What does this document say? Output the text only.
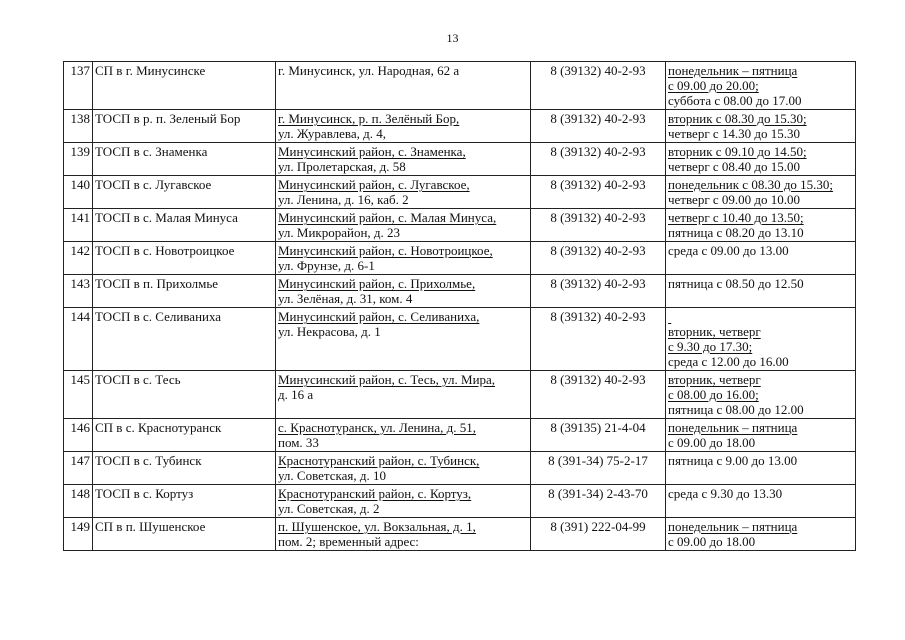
13
137	СП в г. Минусинске	г. Минусинск, ул. Народная, 62 а	8 (39132) 40-2-93	понедельник – пятница
с 09.00 до 20.00;
суббота с 08.00 до 17.00

138	ТОСП в р. п. Зеленый Бор	г. Минусинск, р. п. Зелёный Бор,
ул. Журавлева, д. 4,	8 (39132) 40-2-93	вторник с 08.30 до 15.30;
четверг с 14.30 до 15.30

139	ТОСП в с. Знаменка	Минусинский район, с. Знаменка,
ул. Пролетарская, д. 58	8 (39132) 40-2-93	вторник с 09.10 до 14.50;
четверг с 08.40 до 15.00

140	ТОСП в с. Лугавское	Минусинский район, с. Лугавское,
ул. Ленина, д. 16, каб. 2	8 (39132) 40-2-93	понедельник с 08.30 до 15.30;
четверг с 09.00 до 10.00

141	ТОСП в с. Малая Минуса	Минусинский район, с. Малая Минуса,
ул. Микрорайон, д. 23	8 (39132) 40-2-93	четверг с 10.40 до 13.50;
пятница с 08.20 до 13.10

142	ТОСП в с. Новотроицкое	Минусинский район, с. Новотроицкое,
ул. Фрунзе, д. 6-1	8 (39132) 40-2-93	среда с 09.00 до 13.00

143	ТОСП в п. Прихолмье	Минусинский район, с. Прихолмье,
ул. Зелёная, д. 31, ком. 4	8 (39132) 40-2-93	пятница с 08.50 до 12.50

144	ТОСП в с. Селиваниха	Минусинский район, с. Селиваниха,
ул. Некрасова, д. 1	8 (39132) 40-2-93	вторник, четверг
с 9.30 до 17.30;
среда с 12.00 до 16.00

145	ТОСП в с. Тесь	Минусинский район, с. Тесь, ул. Мира,
д. 16 а	8 (39132) 40-2-93	вторник, четверг
с 08.00 до 16.00;
пятница с 08.00 до 12.00

146	СП в с. Краснотуранск	с. Краснотуранск, ул. Ленина, д. 51,
пом. 33	8 (39135) 21-4-04	понедельник – пятница
с 09.00 до 18.00

147	ТОСП в с. Тубинск	Краснотуранский район, с. Тубинск,
ул. Советская, д. 10	8 (391-34) 75-2-17	пятница с 9.00 до 13.00

148	ТОСП в с. Кортуз	Краснотуранский район, с. Кортуз,
ул. Советская, д. 2	8 (391-34) 2-43-70	среда с 9.30 до 13.30

149	СП в п. Шушенское	п. Шушенское, ул. Вокзальная, д. 1,
пом. 2; временный адрес:	8 (391) 222-04-99	понедельник – пятница
с 09.00 до 18.00
